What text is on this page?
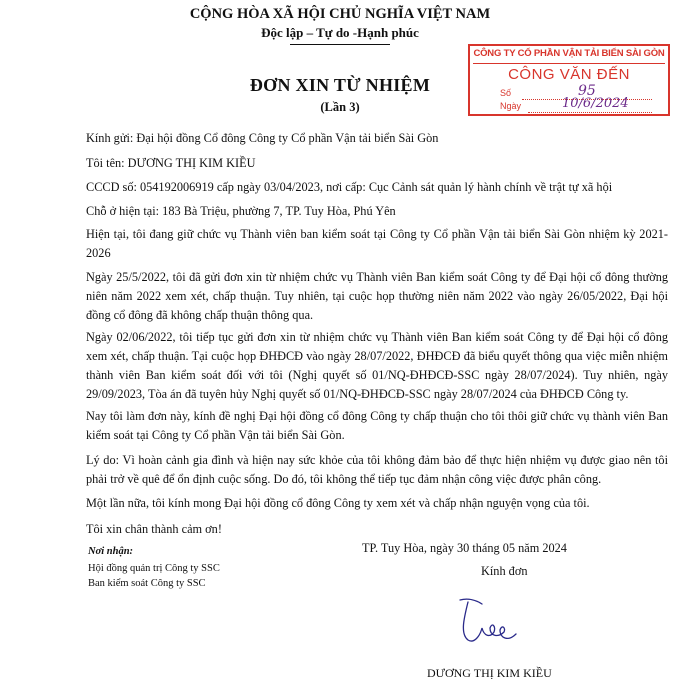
CỘNG HÒA XÃ HỘI CHỦ NGHĨA VIỆT NAM
Độc lập – Tự do -Hạnh phúc
CÔNG TY CỔ PHẦN VẬN TẢI BIỂN SÀI GÒN
CÔNG VĂN ĐẾN
Số	95
Ngày	10/6/2024
ĐƠN XIN TỪ NHIỆM
(Lần 3)
Kính gửi: Đại hội đồng Cổ đông Công ty Cổ phần Vận tải biển Sài Gòn
Tôi tên: DƯƠNG THỊ KIM KIỀU
CCCD số: 054192006919 cấp ngày 03/04/2023, nơi cấp: Cục Cảnh sát quản lý hành chính về trật tự xã hội
Chỗ ở hiện tại: 183 Bà Triệu, phường 7, TP. Tuy Hòa, Phú Yên
Hiện tại, tôi đang giữ chức vụ Thành viên ban kiểm soát tại Công ty Cổ phần Vận tải biển Sài Gòn nhiệm kỳ 2021-2026
Ngày 25/5/2022, tôi đã gửi đơn xin từ nhiệm chức vụ Thành viên Ban kiểm soát Công ty để Đại hội cổ đông thường niên năm 2022 xem xét, chấp thuận. Tuy nhiên, tại cuộc họp thường niên năm 2022 vào ngày 26/05/2022, Đại hội đồng cổ đông đã không chấp thuận thông qua.
Ngày 02/06/2022, tôi tiếp tục gửi đơn xin từ nhiệm chức vụ Thành viên Ban kiểm soát Công ty để Đại hội cổ đông xem xét, chấp thuận. Tại cuộc họp ĐHĐCĐ vào ngày 28/07/2022, ĐHĐCĐ đã biểu quyết thông qua việc miễn nhiệm thành viên Ban kiểm soát đối với tôi (Nghị quyết số 01/NQ-ĐHĐCĐ-SSC ngày 28/07/2024). Tuy nhiên, ngày 29/09/2023, Tòa án đã tuyên hủy Nghị quyết số 01/NQ-ĐHĐCĐ-SSC ngày 28/07/2024 của ĐHĐCĐ Công ty.
Nay tôi làm đơn này, kính đề nghị Đại hội đồng cổ đông Công ty chấp thuận cho tôi thôi giữ chức vụ thành viên Ban kiểm soát tại Công ty Cổ phần Vận tải biển Sài Gòn.
Lý do: Vì hoàn cảnh gia đình và hiện nay sức khỏe của tôi không đảm bảo để thực hiện nhiệm vụ được giao nên tôi phải trở về quê để ổn định cuộc sống. Do đó, tôi không thể tiếp tục đảm nhận công việc được phân công.
Một lần nữa, tôi kính mong Đại hội đồng cổ đông Công ty xem xét và chấp nhận nguyện vọng của tôi.
Tôi xin chân thành cảm ơn!
Nơi nhận:
Hội đồng quản trị Công ty SSC
Ban kiểm soát Công ty SSC
TP. Tuy Hòa, ngày 30 tháng 05 năm 2024
Kính đơn
DƯƠNG THỊ KIM KIỀU
